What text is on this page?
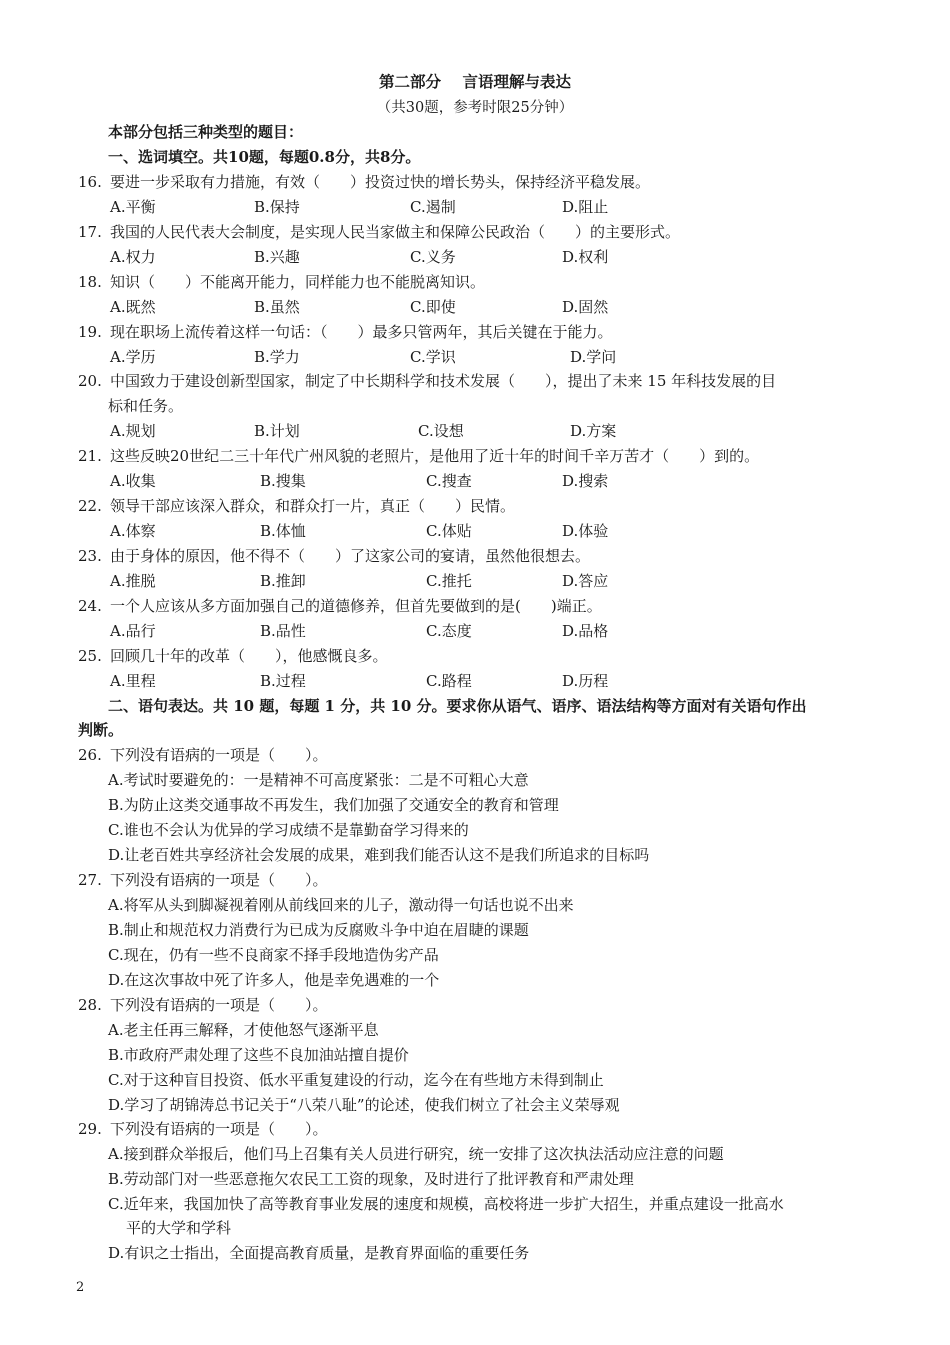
第二部分    言语理解与表达
（共30题，参考时限25分钟）
本部分包括三种类型的题目：
一、选词填空。共10题，每题0.8分，共8分。
16. 要进一步采取有力措施，有效（　　）投资过快的增长势头，保持经济平稳发展。
A.平衡	B.保持	C.遏制	D.阻止
17. 我国的人民代表大会制度，是实现人民当家做主和保障公民政治（　　）的主要形式。
A.权力	B.兴趣	C.义务	D.权利
18. 知识（　　）不能离开能力，同样能力也不能脱离知识。
A.既然	B.虽然	C.即使	D.固然
19. 现在职场上流传着这样一句话：（　　）最多只管两年，其后关键在于能力。
A.学历	B.学力	C.学识	D.学问
20. 中国致力于建设创新型国家，制定了中长期科学和技术发展（　　），提出了未来 15 年科技发展的目
标和任务。
A.规划	B.计划	C.设想	D.方案
21. 这些反映20世纪二三十年代广州风貌的老照片，是他用了近十年的时间千辛万苦才（　　）到的。
A.收集	B.搜集	C.搜查	D.搜索
22. 领导干部应该深入群众，和群众打一片，真正（　　）民情。
A.体察	B.体恤	C.体贴	D.体验
23. 由于身体的原因，他不得不（　　）了这家公司的宴请，虽然他很想去。
A.推脱	B.推卸	C.推托	D.答应
24. 一个人应该从多方面加强自己的道德修养，但首先要做到的是(　　)端正。
A.品行	B.品性	C.态度	D.品格
25. 回顾几十年的改革（　　），他感慨良多。
A.里程	B.过程	C.路程	D.历程
二、语句表达。共 10 题，每题 1 分，共 10 分。要求你从语气、语序、语法结构等方面对有关语句作出
判断。
26. 下列没有语病的一项是（　　）。
A.考试时要避免的：一是精神不可高度紧张：二是不可粗心大意
B.为防止这类交通事故不再发生，我们加强了交通安全的教育和管理
C.谁也不会认为优异的学习成绩不是靠勤奋学习得来的
D.让老百姓共享经济社会发展的成果，难到我们能否认这不是我们所追求的目标吗
27. 下列没有语病的一项是（　　）。
A.将军从头到脚凝视着刚从前线回来的儿子，激动得一句话也说不出来
B.制止和规范权力消费行为已成为反腐败斗争中迫在眉睫的课题
C.现在，仍有一些不良商家不择手段地造伪劣产品
D.在这次事故中死了许多人，他是幸免遇难的一个
28. 下列没有语病的一项是（　　）。
A.老主任再三解释，才使他怒气逐渐平息
B.市政府严肃处理了这些不良加油站擅自提价
C.对于这种盲目投资、低水平重复建设的行动，迄今在有些地方未得到制止
D.学习了胡锦涛总书记关于“八荣八耻”的论述，使我们树立了社会主义荣辱观
29. 下列没有语病的一项是（　　）。
A.接到群众举报后，他们马上召集有关人员进行研究，统一安排了这次执法活动应注意的问题
B.劳动部门对一些恶意拖欠农民工工资的现象，及时进行了批评教育和严肃处理
C.近年来，我国加快了高等教育事业发展的速度和规模，高校将进一步扩大招生，并重点建设一批高水
平的大学和学科
D.有识之士指出，全面提高教育质量，是教育界面临的重要任务
2
